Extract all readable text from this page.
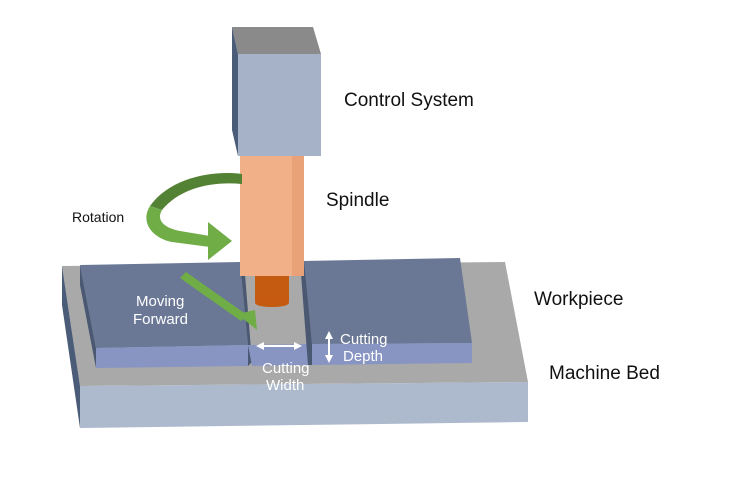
Control System
Spindle
Rotation
Workpiece
Machine Bed
Moving
Forward
Cutting
Depth
Cutting
Width
